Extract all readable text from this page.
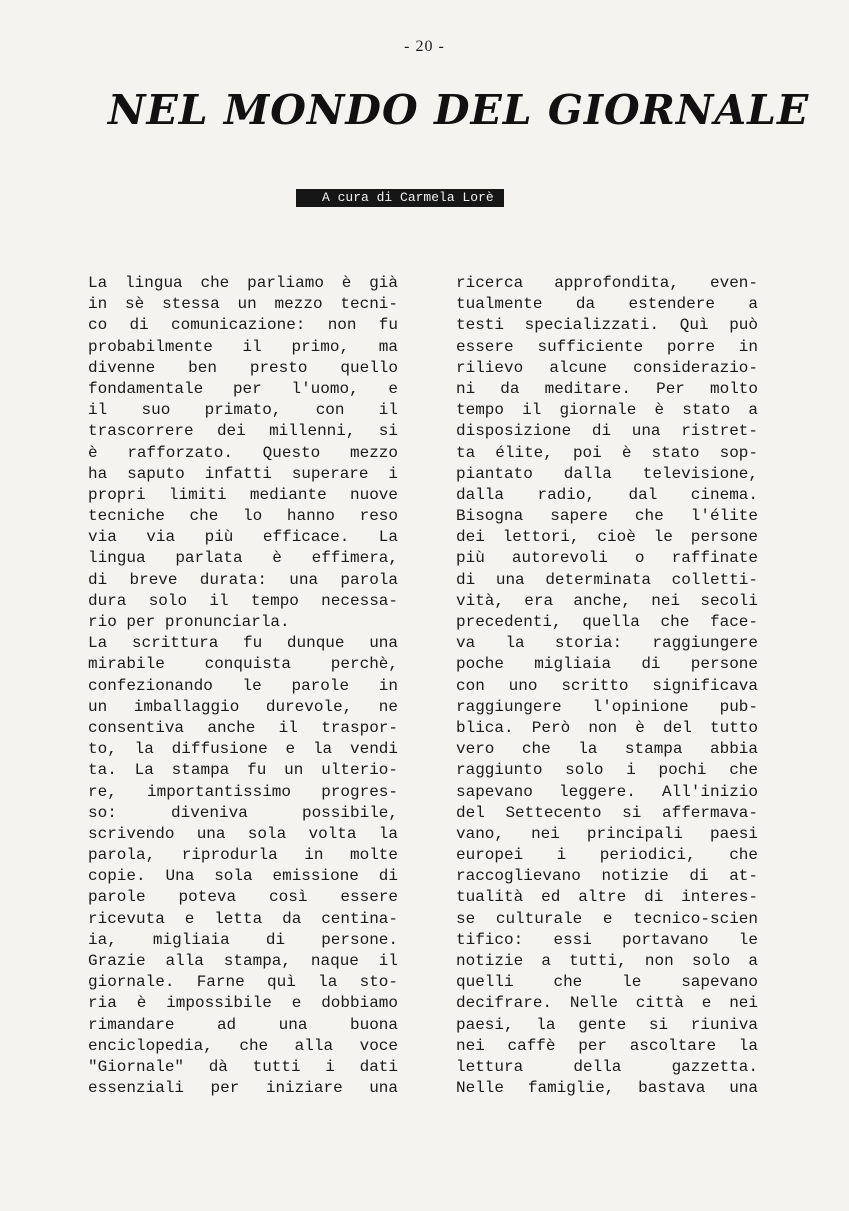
- 20 -
NEL MONDO DEL GIORNALE
A cura di Carmela Lorè
La lingua che parliamo è già
in sè stessa un mezzo tecni-
co di comunicazione: non fu
probabilmente il primo, ma
divenne ben presto quello
fondamentale per l'uomo, e
il suo primato, con il
trascorrere dei millenni, si
è rafforzato. Questo mezzo
ha saputo infatti superare i
propri limiti mediante nuove
tecniche che lo hanno reso
via via più efficace. La
lingua parlata è effimera,
di breve durata: una parola
dura solo il tempo necessa-
rio per pronunciarla.
La scrittura fu dunque una
mirabile conquista perchè,
confezionando le parole in
un imballaggio durevole, ne
consentiva anche il traspor-
to, la diffusione e la vendi
ta. La stampa fu un ulterio-
re, importantissimo progres-
so: diveniva possibile,
scrivendo una sola volta la
parola, riprodurla in molte
copie. Una sola emissione di
parole poteva così essere
ricevuta e letta da centina-
ia, migliaia di persone.
Grazie alla stampa, naque il
giornale. Farne quì la sto-
ria è impossibile e dobbiamo
rimandare ad una buona
enciclopedia, che alla voce
"Giornale" dà tutti i dati
essenziali per iniziare una
ricerca approfondita, even-
tualmente da estendere a
testi specializzati. Quì può
essere sufficiente porre in
rilievo alcune consideraziо-
ni da meditare. Per molto
tempo il giornale è stato a
disposizione di una ristret-
ta élite, poi è stato sop-
piantato dalla televisione,
dalla radio, dal cinema.
Bisogna sapere che l'élite
dei lettori, cioè le persone
più autorevoli o raffinate
di una determinata colletti-
vità, era anche, nei secoli
precedenti, quella che face-
va la storia: raggiungere
poche migliaia di persone
con uno scritto significava
raggiungere l'opinione pub-
blica. Però non è del tutto
vero che la stampa abbia
raggiunto solo i pochi che
sapevano leggere. All'inizio
del Settecento si affermava-
vano, nei principali paesi
europei i periodici, che
raccoglievano notizie di at-
tualità ed altre di interes-
se culturale e tecnico-scien
tifico: essi portavano le
notizie a tutti, non solo a
quelli che le sapevano
decifrare. Nelle città e nei
paesi, la gente si riuniva
nei caffè per ascoltare la
lettura della gazzetta.
Nelle famiglie, bastava una
